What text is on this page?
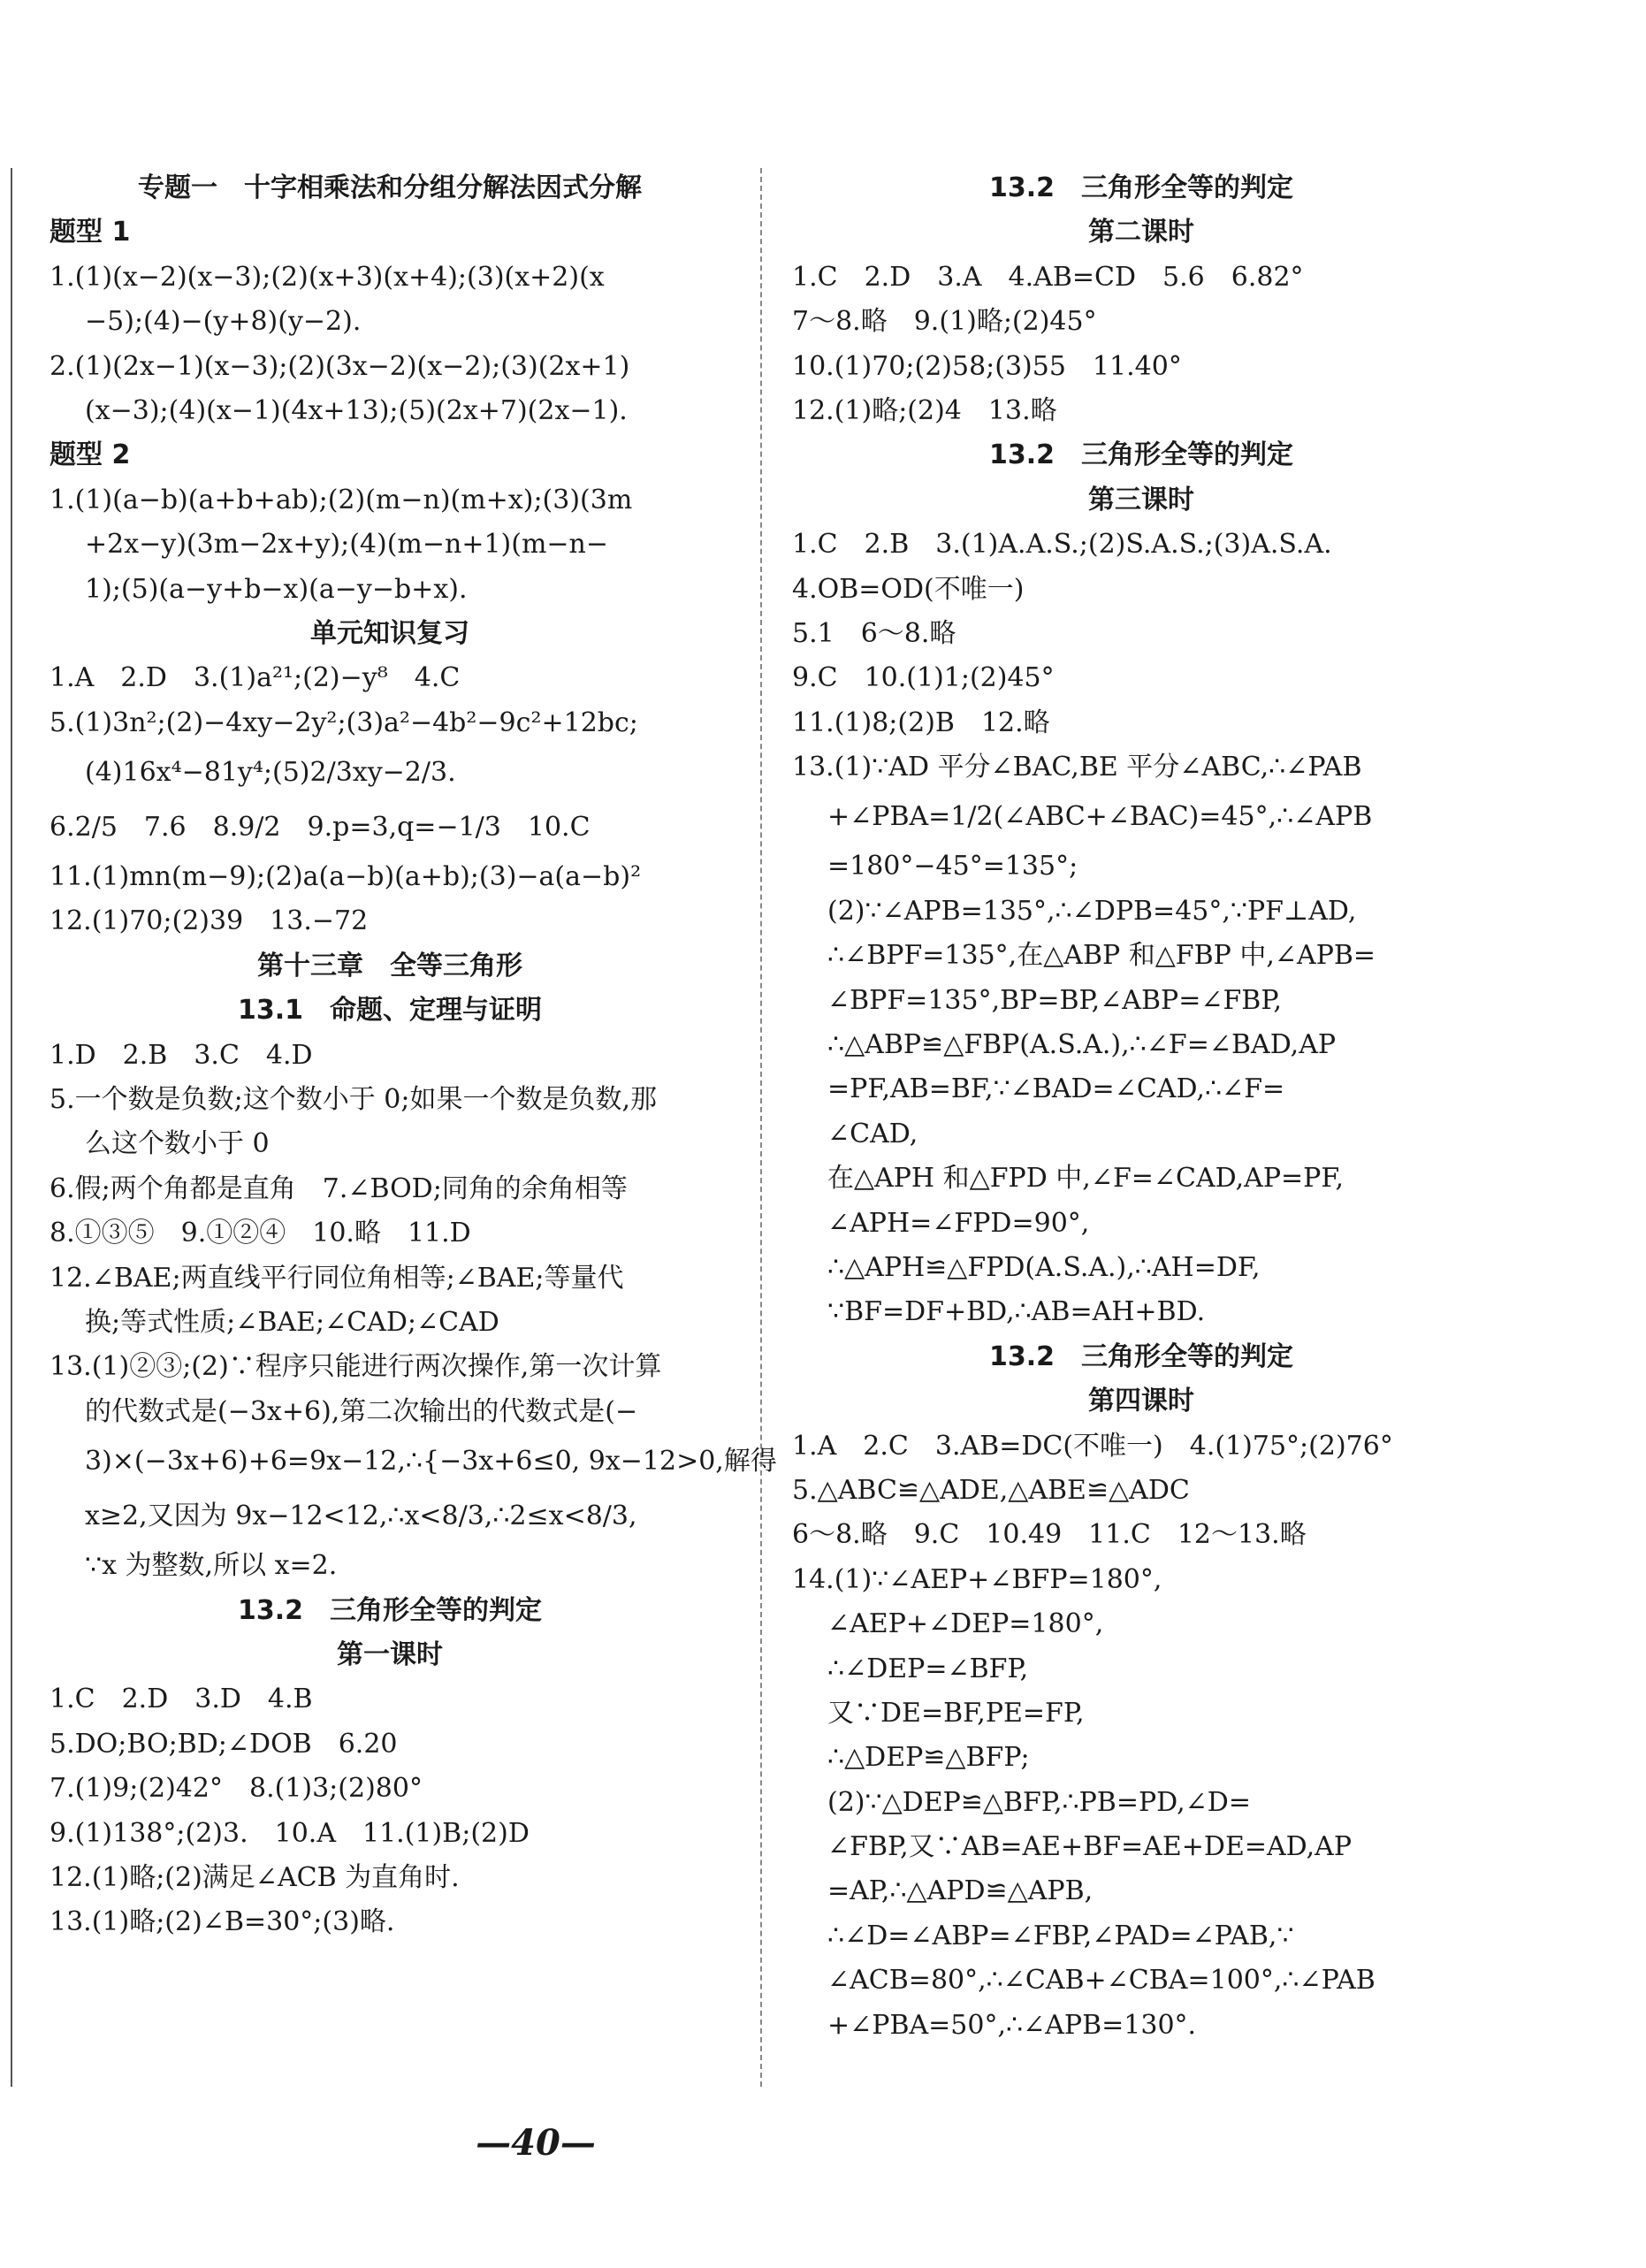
专题一　十字相乘法和分组分解法因式分解
题型 1
1.(1)(x−2)(x−3);(2)(x+3)(x+4);(3)(x+2)(x
−5);(4)−(y+8)(y−2).
2.(1)(2x−1)(x−3);(2)(3x−2)(x−2);(3)(2x+1)
(x−3);(4)(x−1)(4x+13);(5)(2x+7)(2x−1).
题型 2
1.(1)(a−b)(a+b+ab);(2)(m−n)(m+x);(3)(3m
+2x−y)(3m−2x+y);(4)(m−n+1)(m−n−
1);(5)(a−y+b−x)(a−y−b+x).
单元知识复习
1.A　2.D　3.(1)a²¹;(2)−y⁸　4.C
5.(1)3n²;(2)−4xy−2y²;(3)a²−4b²−9c²+12bc;
(4)16x⁴−81y⁴;(5)2/3xy−2/3.
6.2/5　7.6　8.9/2　9.p=3,q=−1/3　10.C
11.(1)mn(m−9);(2)a(a−b)(a+b);(3)−a(a−b)²
12.(1)70;(2)39　13.−72
第十三章　全等三角形
13.1　命题、定理与证明
1.D　2.B　3.C　4.D
5.一个数是负数;这个数小于 0;如果一个数是负数,那
么这个数小于 0
6.假;两个角都是直角　7.∠BOD;同角的余角相等
8.①③⑤　9.①②④　10.略　11.D
12.∠BAE;两直线平行同位角相等;∠BAE;等量代
换;等式性质;∠BAE;∠CAD;∠CAD
13.(1)②③;(2)∵程序只能进行两次操作,第一次计算
的代数式是(−3x+6),第二次输出的代数式是(−
3)×(−3x+6)+6=9x−12,∴{−3x+6≤0, 9x−12>0,解得
x≥2,又因为 9x−12<12,∴x<8/3,∴2≤x<8/3,
∵x 为整数,所以 x=2.
13.2　三角形全等的判定
第一课时
1.C　2.D　3.D　4.B
5.DO;BO;BD;∠DOB　6.20
7.(1)9;(2)42°　8.(1)3;(2)80°
9.(1)138°;(2)3.　10.A　11.(1)B;(2)D
12.(1)略;(2)满足∠ACB 为直角时.
13.(1)略;(2)∠B=30°;(3)略.
13.2　三角形全等的判定
第二课时
1.C　2.D　3.A　4.AB=CD　5.6　6.82°
7～8.略　9.(1)略;(2)45°
10.(1)70;(2)58;(3)55　11.40°
12.(1)略;(2)4　13.略
13.2　三角形全等的判定
第三课时
1.C　2.B　3.(1)A.A.S.;(2)S.A.S.;(3)A.S.A.
4.OB=OD(不唯一)
5.1　6～8.略
9.C　10.(1)1;(2)45°
11.(1)8;(2)B　12.略
13.(1)∵AD 平分∠BAC,BE 平分∠ABC,∴∠PAB
+∠PBA=1/2(∠ABC+∠BAC)=45°,∴∠APB
=180°−45°=135°;
(2)∵∠APB=135°,∴∠DPB=45°,∵PF⊥AD,
∴∠BPF=135°,在△ABP 和△FBP 中,∠APB=
∠BPF=135°,BP=BP,∠ABP=∠FBP,
∴△ABP≌△FBP(A.S.A.),∴∠F=∠BAD,AP
=PF,AB=BF,∵∠BAD=∠CAD,∴∠F=
∠CAD,
在△APH 和△FPD 中,∠F=∠CAD,AP=PF,
∠APH=∠FPD=90°,
∴△APH≌△FPD(A.S.A.),∴AH=DF,
∵BF=DF+BD,∴AB=AH+BD.
13.2　三角形全等的判定
第四课时
1.A　2.C　3.AB=DC(不唯一)　4.(1)75°;(2)76°
5.△ABC≌△ADE,△ABE≌△ADC
6～8.略　9.C　10.49　11.C　12～13.略
14.(1)∵∠AEP+∠BFP=180°,
∠AEP+∠DEP=180°,
∴∠DEP=∠BFP,
又∵DE=BF,PE=FP,
∴△DEP≌△BFP;
(2)∵△DEP≌△BFP,∴PB=PD,∠D=
∠FBP,又∵AB=AE+BF=AE+DE=AD,AP
=AP,∴△APD≌△APB,
∴∠D=∠ABP=∠FBP,∠PAD=∠PAB,∵
∠ACB=80°,∴∠CAB+∠CBA=100°,∴∠PAB
+∠PBA=50°,∴∠APB=130°.
—40—
